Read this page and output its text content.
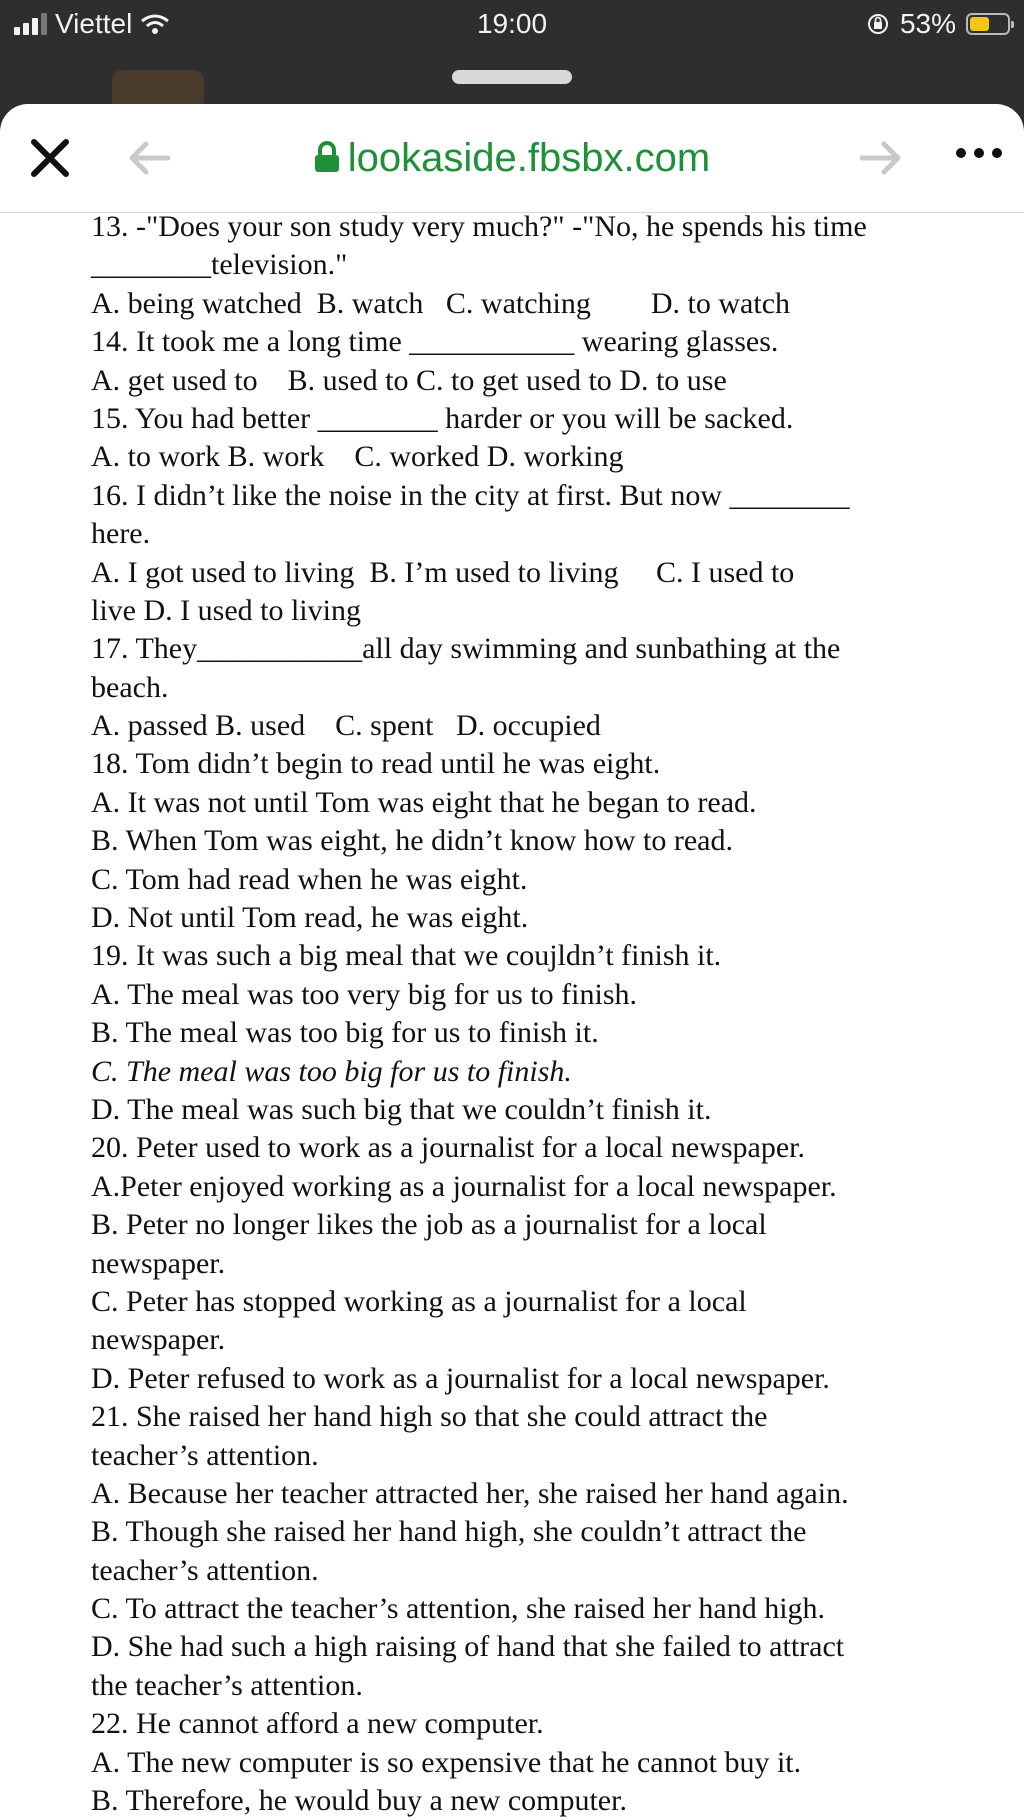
Viettel	19:00	53%
lookaside.fbsbx.com
13. -"Does your son study very much?" -"No, he spends his time
________television."
A. being watched  B. watch   C. watching        D. to watch
14. It took me a long time ___________ wearing glasses.
A. get used to    B. used to C. to get used to D. to use
15. You had better ________ harder or you will be sacked.
A. to work B. work    C. worked D. working
16. I didn’t like the noise in the city at first. But now ________
here.
A. I got used to living  B. I’m used to living     C. I used to
live D. I used to living
17. They___________all day swimming and sunbathing at the
beach.
A. passed B. used    C. spent   D. occupied
18. Tom didn’t begin to read until he was eight.
A. It was not until Tom was eight that he began to read.
B. When Tom was eight, he didn’t know how to read.
C. Tom had read when he was eight.
D. Not until Tom read, he was eight.
19. It was such a big meal that we coujldn’t finish it.
A. The meal was too very big for us to finish.
B. The meal was too big for us to finish it.
C. The meal was too big for us to finish.
D. The meal was such big that we couldn’t finish it.
20. Peter used to work as a journalist for a local newspaper.
A.Peter enjoyed working as a journalist for a local newspaper.
B. Peter no longer likes the job as a journalist for a local
newspaper.
C. Peter has stopped working as a journalist for a local
newspaper.
D. Peter refused to work as a journalist for a local newspaper.
21. She raised her hand high so that she could attract the
teacher’s attention.
A. Because her teacher attracted her, she raised her hand again.
B. Though she raised her hand high, she couldn’t attract the
teacher’s attention.
C. To attract the teacher’s attention, she raised her hand high.
D. She had such a high raising of hand that she failed to attract
the teacher’s attention.
22. He cannot afford a new computer.
A. The new computer is so expensive that he cannot buy it.
B. Therefore, he would buy a new computer.
